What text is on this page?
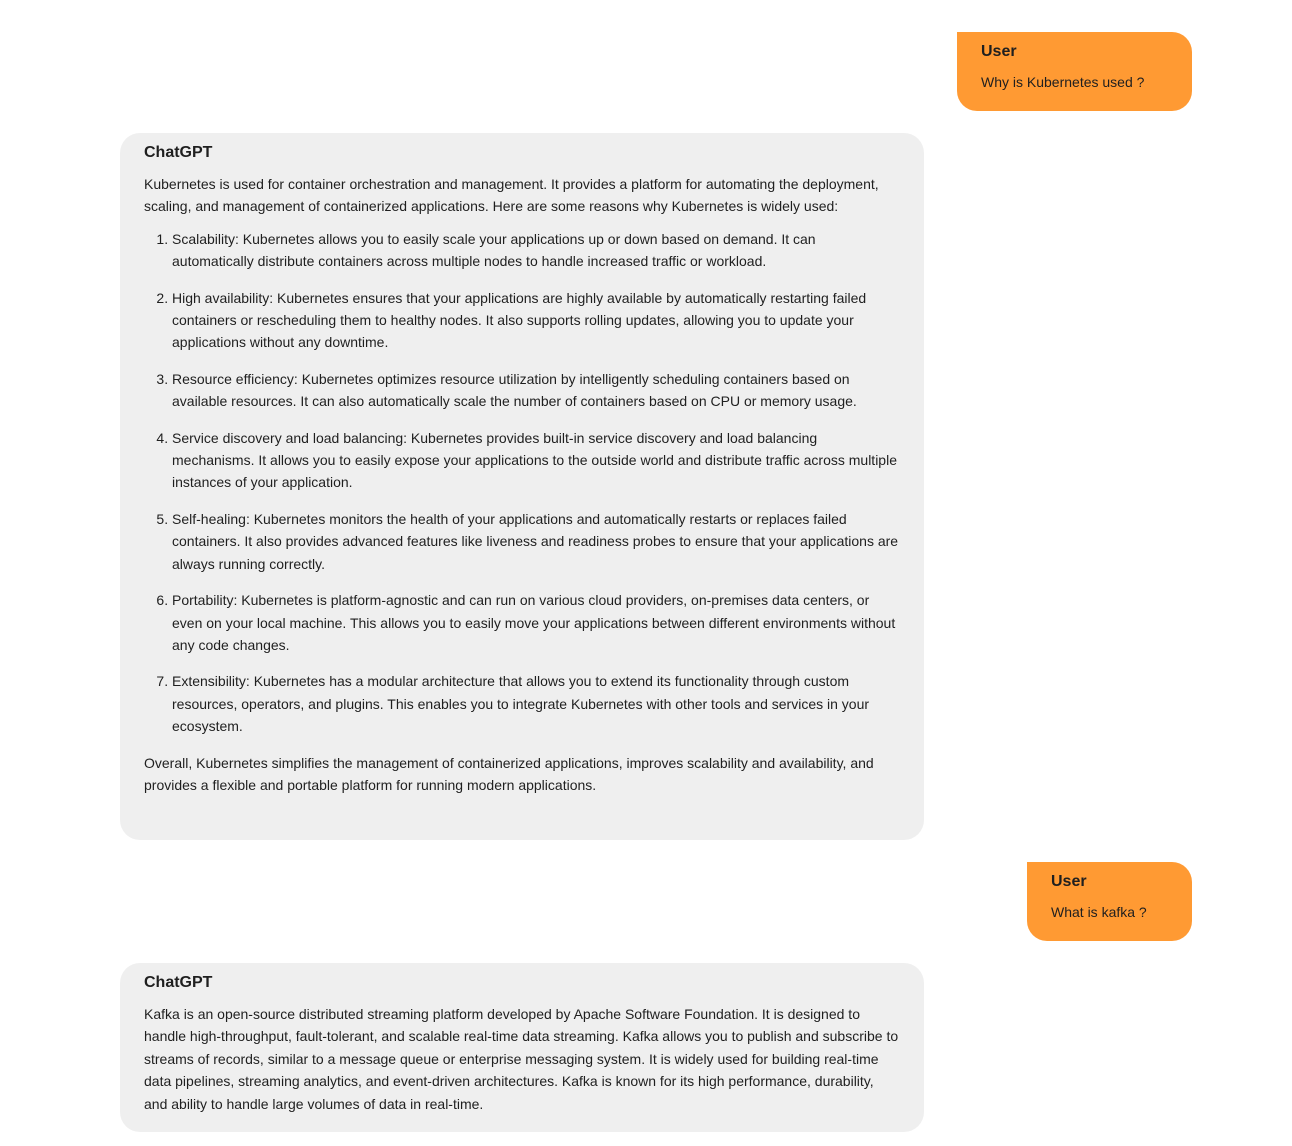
User

Why is Kubernetes used ?

ChatGPT

Kubernetes is used for container orchestration and management. It provides a platform for automating the deployment, scaling, and management of containerized applications. Here are some reasons why Kubernetes is widely used:

1. Scalability: Kubernetes allows you to easily scale your applications up or down based on demand. It can automatically distribute containers across multiple nodes to handle increased traffic or workload.
2. High availability: Kubernetes ensures that your applications are highly available by automatically restarting failed containers or rescheduling them to healthy nodes. It also supports rolling updates, allowing you to update your applications without any downtime.
3. Resource efficiency: Kubernetes optimizes resource utilization by intelligently scheduling containers based on available resources. It can also automatically scale the number of containers based on CPU or memory usage.
4. Service discovery and load balancing: Kubernetes provides built-in service discovery and load balancing mechanisms. It allows you to easily expose your applications to the outside world and distribute traffic across multiple instances of your application.
5. Self-healing: Kubernetes monitors the health of your applications and automatically restarts or replaces failed containers. It also provides advanced features like liveness and readiness probes to ensure that your applications are always running correctly.
6. Portability: Kubernetes is platform-agnostic and can run on various cloud providers, on-premises data centers, or even on your local machine. This allows you to easily move your applications between different environments without any code changes.
7. Extensibility: Kubernetes has a modular architecture that allows you to extend its functionality through custom resources, operators, and plugins. This enables you to integrate Kubernetes with other tools and services in your ecosystem.

Overall, Kubernetes simplifies the management of containerized applications, improves scalability and availability, and provides a flexible and portable platform for running modern applications.

User

What is kafka ?

ChatGPT

Kafka is an open-source distributed streaming platform developed by Apache Software Foundation. It is designed to handle high-throughput, fault-tolerant, and scalable real-time data streaming. Kafka allows you to publish and subscribe to streams of records, similar to a message queue or enterprise messaging system. It is widely used for building real-time data pipelines, streaming analytics, and event-driven architectures. Kafka is known for its high performance, durability, and ability to handle large volumes of data in real-time.
